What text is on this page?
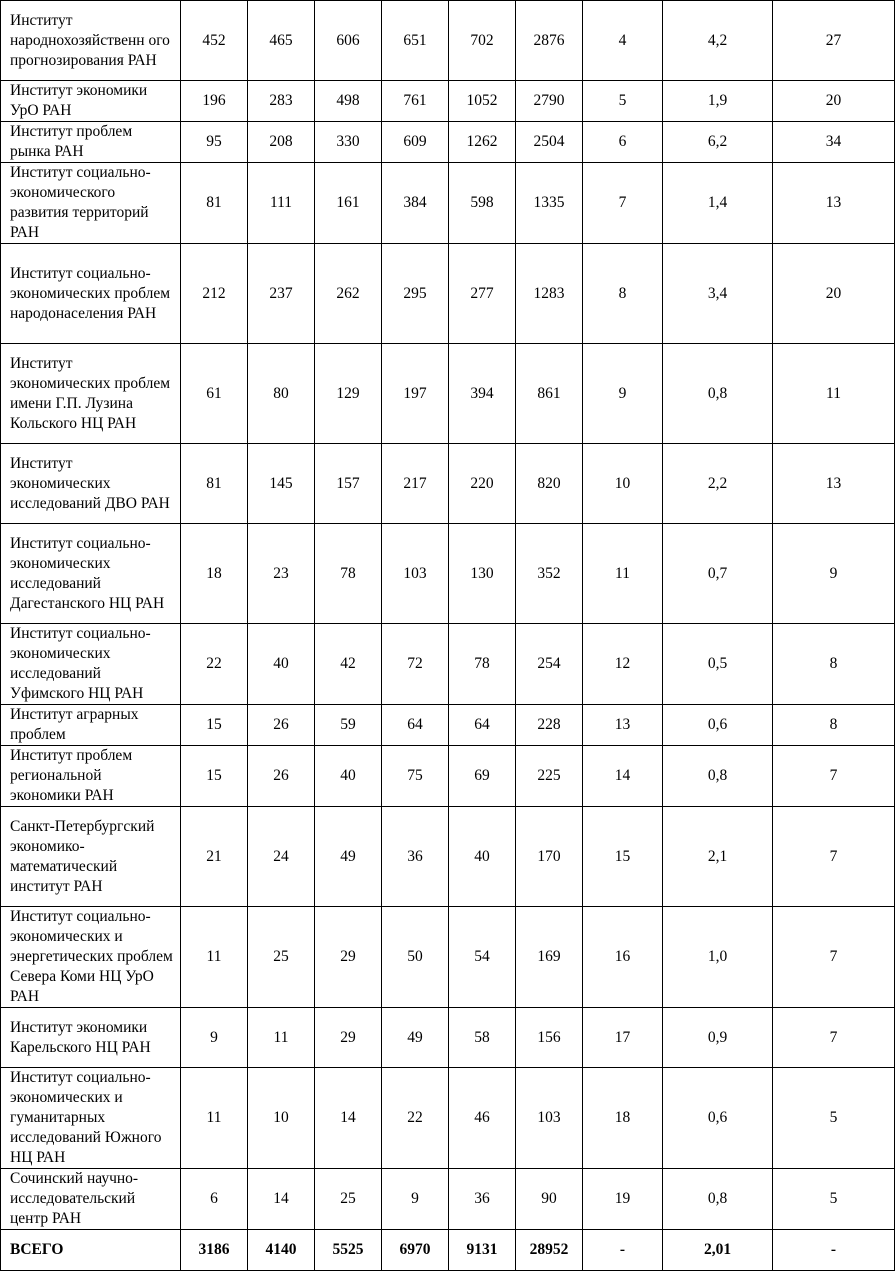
Институт народнохозяйственн ого прогнозирования РАН	452	465	606	651	702	2876	4	4,2	27
Институт экономики УрО РАН	196	283	498	761	1052	2790	5	1,9	20
Институт проблем рынка РАН	95	208	330	609	1262	2504	6	6,2	34
Институт социально-экономического развития территорий РАН	81	111	161	384	598	1335	7	1,4	13
Институт социально-экономических проблем народонаселения РАН	212	237	262	295	277	1283	8	3,4	20
Институт экономических проблем имени Г.П. Лузина Кольского НЦ РАН	61	80	129	197	394	861	9	0,8	11
Институт экономических исследований ДВО РАН	81	145	157	217	220	820	10	2,2	13
Институт социально-экономических исследований Дагестанского НЦ РАН	18	23	78	103	130	352	11	0,7	9
Институт социально-экономических исследований Уфимского НЦ РАН	22	40	42	72	78	254	12	0,5	8
Институт аграрных проблем	15	26	59	64	64	228	13	0,6	8
Институт проблем региональной экономики РАН	15	26	40	75	69	225	14	0,8	7
Санкт-Петербургский экономико-математический институт РАН	21	24	49	36	40	170	15	2,1	7
Институт социально-экономических и энергетических проблем Севера Коми НЦ УрО РАН	11	25	29	50	54	169	16	1,0	7
Институт экономики Карельского НЦ РАН	9	11	29	49	58	156	17	0,9	7
Институт социально-экономических и гуманитарных исследований Южного НЦ РАН	11	10	14	22	46	103	18	0,6	5
Сочинский научно-исследовательский центр РАН	6	14	25	9	36	90	19	0,8	5
ВСЕГО	3186	4140	5525	6970	9131	28952	-	2,01	-
